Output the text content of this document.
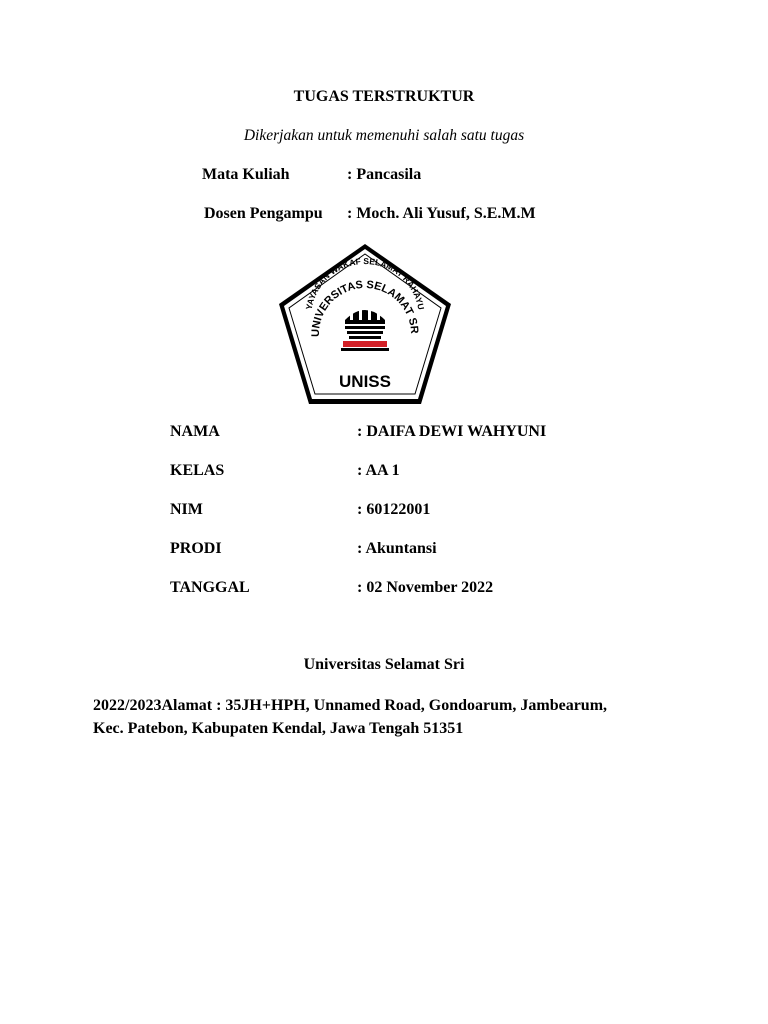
TUGAS TERSTRUKTUR
Dikerjakan untuk memenuhi salah satu tugas
Mata Kuliah	: Pancasila
Dosen Pengampu : Moch. Ali Yusuf, S.E.M.M
YAYASAN WAKAF SELAMAT RAHAYU
UNIVERSITAS SELAMAT SR
UNISS
NAMA	: DAIFA DEWI WAHYUNI
KELAS	: AA 1
NIM	: 60122001
PRODI	: Akuntansi
TANGGAL	: 02 November 2022
Universitas Selamat Sri
2022/2023Alamat : 35JH+HPH, Unnamed Road, Gondoarum, Jambearum,
Kec. Patebon, Kabupaten Kendal, Jawa Tengah 51351
